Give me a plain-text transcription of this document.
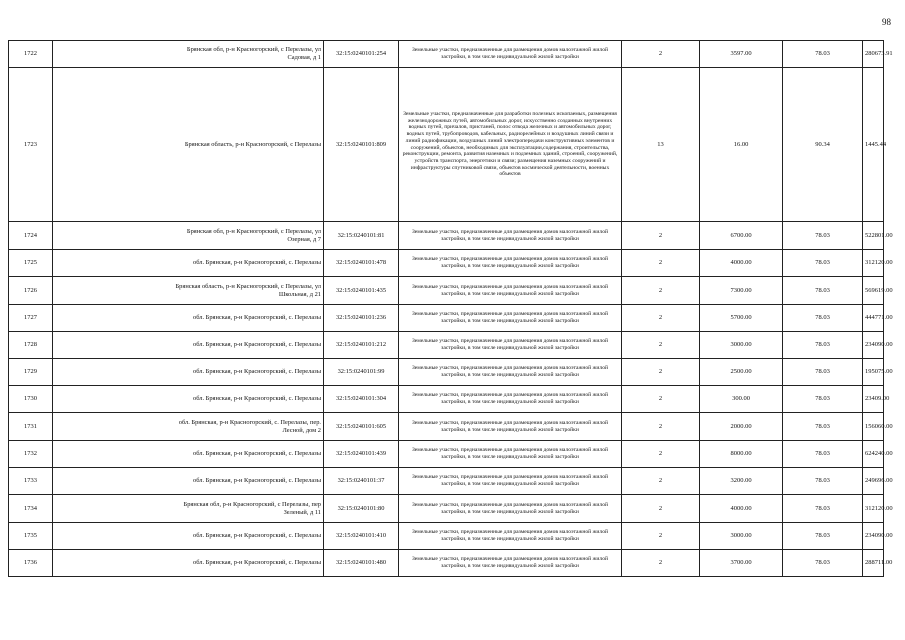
98
1722	Брянская обл, р-н Красногорский, с Перелазы, ул Садовая, д 1	32:15:0240101:254	Земельные участки, предназначенные для размещения домов малоэтажной жилой застройки, в том числе индивидуальной жилой застройки	2	3597.00	78.03	280673.91
1723	Брянская область, р-н Красногорский, с Перелазы	32:15:0240101:809	Земельные участки, предназначенные для разработки полезных ископаемых, размещения железнодорожных путей, автомобильных дорог, искусственно созданных внутренних водных путей, причалов, пристаней, полос отвода железных и автомобильных дорог, водных путей, трубопроводов, кабельных, радиорелейных и воздушных линий связи и линий радиофикации, воздушных линий электропередачи конструктивных элементов и сооружений, объектов, необходимых для эксплуатации,содержания, строительства, реконструкции, ремонта, развития наземных и подземных зданий, строений, сооружений, устройств транспорта, энергетики и связи; размещения наземных сооружений и инфраструктуры спутниковой связи, объектов космической деятельности, военных объектов	13	16.00	90.34	1445.44
1724	Брянская обл, р-н Красногорский, с Перелазы, ул Озерная, д 7	32:15:0240101:81	Земельные участки, предназначенные для размещения домов малоэтажной жилой застройки, в том числе индивидуальной жилой застройки	2	6700.00	78.03	522801.00
1725	обл. Брянская, р-н Красногорский, с. Перелазы	32:15:0240101:478	Земельные участки, предназначенные для размещения домов малоэтажной жилой застройки, в том числе индивидуальной жилой застройки	2	4000.00	78.03	312120.00
1726	Брянская область, р-н Красногорский, с Перелазы, ул Школьная, д 21	32:15:0240101:435	Земельные участки, предназначенные для размещения домов малоэтажной жилой застройки, в том числе индивидуальной жилой застройки	2	7300.00	78.03	569619.00
1727	обл. Брянская, р-н Красногорский, с. Перелазы	32:15:0240101:236	Земельные участки, предназначенные для размещения домов малоэтажной жилой застройки, в том числе индивидуальной жилой застройки	2	5700.00	78.03	444771.00
1728	обл. Брянская, р-н Красногорский, с. Перелазы	32:15:0240101:212	Земельные участки, предназначенные для размещения домов малоэтажной жилой застройки, в том числе индивидуальной жилой застройки	2	3000.00	78.03	234090.00
1729	обл. Брянская, р-н Красногорский, с. Перелазы	32:15:0240101:99	Земельные участки, предназначенные для размещения домов малоэтажной жилой застройки, в том числе индивидуальной жилой застройки	2	2500.00	78.03	195075.00
1730	обл. Брянская, р-н Красногорский, с. Перелазы	32:15:0240101:304	Земельные участки, предназначенные для размещения домов малоэтажной жилой застройки, в том числе индивидуальной жилой застройки	2	300.00	78.03	23409.00
1731	обл. Брянская, р-н Красногорский, с. Перелазы, пер. Лесной, дом 2	32:15:0240101:605	Земельные участки, предназначенные для размещения домов малоэтажной жилой застройки, в том числе индивидуальной жилой застройки	2	2000.00	78.03	156060.00
1732	обл. Брянская, р-н Красногорский, с. Перелазы	32:15:0240101:439	Земельные участки, предназначенные для размещения домов малоэтажной жилой застройки, в том числе индивидуальной жилой застройки	2	8000.00	78.03	624240.00
1733	обл. Брянская, р-н Красногорский, с. Перелазы	32:15:0240101:37	Земельные участки, предназначенные для размещения домов малоэтажной жилой застройки, в том числе индивидуальной жилой застройки	2	3200.00	78.03	249696.00
1734	Брянская обл, р-н Красногорский, с Перелазы, пер Зеленый, д 11	32:15:0240101:80	Земельные участки, предназначенные для размещения домов малоэтажной жилой застройки, в том числе индивидуальной жилой застройки	2	4000.00	78.03	312120.00
1735	обл. Брянская, р-н Красногорский, с. Перелазы	32:15:0240101:410	Земельные участки, предназначенные для размещения домов малоэтажной жилой застройки, в том числе индивидуальной жилой застройки	2	3000.00	78.03	234090.00
1736	обл. Брянская, р-н Красногорский, с. Перелазы	32:15:0240101:480	Земельные участки, предназначенные для размещения домов малоэтажной жилой застройки, в том числе индивидуальной жилой застройки	2	3700.00	78.03	288711.00
